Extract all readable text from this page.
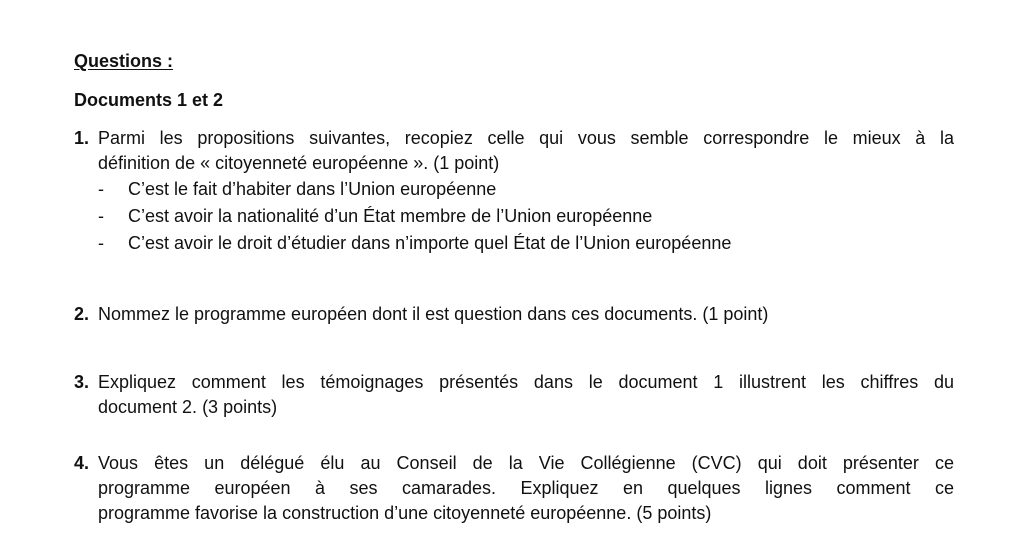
Questions :
Documents 1 et 2
1. Parmi les propositions suivantes, recopiez celle qui vous semble correspondre le mieux à la
définition de « citoyenneté européenne ». (1 point)
- C’est le fait d’habiter dans l’Union européenne
- C’est avoir la nationalité d’un État membre de l’Union européenne
- C’est avoir le droit d’étudier dans n’importe quel État de l’Union européenne
2. Nommez le programme européen dont il est question dans ces documents. (1 point)
3. Expliquez comment les témoignages présentés dans le document 1 illustrent les chiffres du
document 2. (3 points)
4. Vous êtes un délégué élu au Conseil de la Vie Collégienne (CVC) qui doit présenter ce
programme européen à ses camarades. Expliquez en quelques lignes comment ce
programme favorise la construction d’une citoyenneté européenne. (5 points)
